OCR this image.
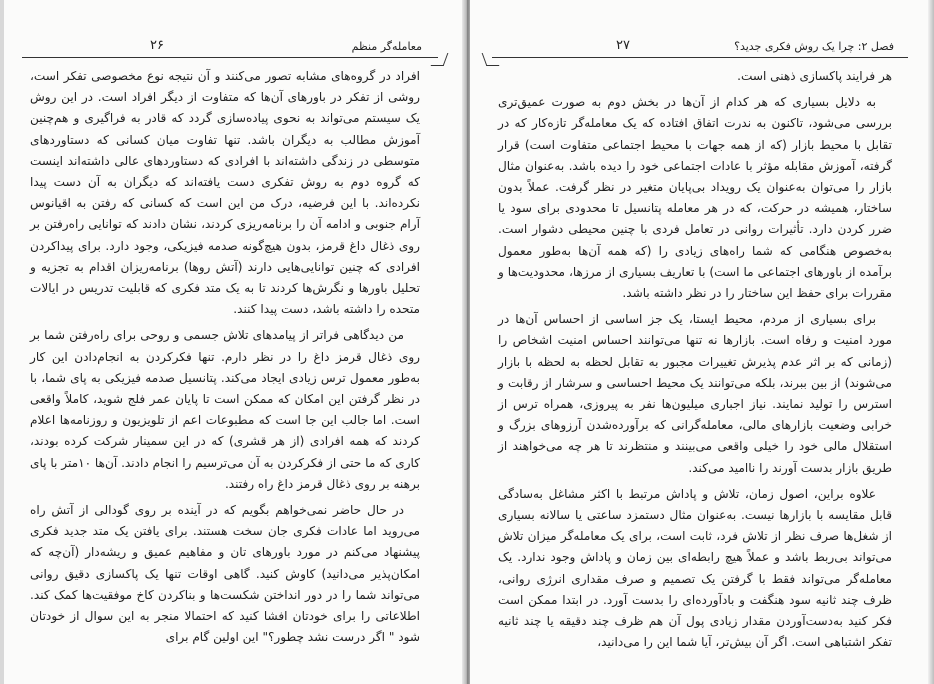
معامله‌گر منظم
۲۶

افراد در گروه‌های مشابه تصور می‌کنند و آن نتیجه نوع مخصوصی تفکر است، روشی از تفکر در باورهای آن‌ها که متفاوت از دیگر افراد است. در این روش یک سیستم می‌تواند به نحوی پیاده‌سازی گردد که قادر به فراگیری و هم‌چنین آموزش مطالب به دیگران باشد. تنها تفاوت میان کسانی که دستاوردهای متوسطی در زندگی داشته‌اند با افرادی که دستاوردهای عالی داشته‌اند اینست که گروه دوم به روش تفکری دست یافته‌اند که دیگران به آن دست پیدا نکرده‌اند. با این فرضیه، درک من این است که کسانی که رفتن به اقیانوس آرام جنوبی و ادامه آن را برنامه‌ریزی کردند، نشان دادند که توانایی راه‌رفتن بر روی ذغال داغ قرمز، بدون هیچ‌گونه صدمه فیزیکی، وجود دارد. برای پیداکردن افرادی که چنین توانایی‌هایی دارند (آتش روها) برنامه‌ریزان اقدام به تجزیه و تحلیل باورها و نگرش‌ها کردند تا به یک متد فکری که قابلیت تدریس در ایالات متحده را داشته باشد، دست پیدا کنند.

من دیدگاهی فراتر از پیامدهای تلاش جسمی و روحی برای راه‌رفتن شما بر روی ذغال قرمز داغ را در نظر دارم. تنها فکرکردن به انجام‌دادن این کار به‌طور معمول ترس زیادی ایجاد می‌کند. پتانسیل صدمه فیزیکی به پای شما، با در نظر گرفتن این امکان که ممکن است تا پایان عمر فلج شوید، کاملاً واقعی است. اما جالب این جا است که مطبوعات اعم از تلویزیون و روزنامه‌ها اعلام کردند که همه افرادی (از هر قشری) که در این سمینار شرکت کرده بودند، کاری که ما حتی از فکرکردن به آن می‌ترسیم را انجام دادند. آن‌ها ۱۰متر با پای برهنه بر روی ذغال قرمز داغ راه رفتند.

در حال حاضر نمی‌خواهم بگویم که در آینده بر روی گودالی از آتش راه می‌روید اما عادات فکری جان سخت هستند. برای یافتن یک متد جدید فکری پیشنهاد می‌کنم در مورد باورهای تان و مفاهیم عمیق و ریشه‌دار (آن‌چه که امکان‌پذیر می‌دانید) کاوش کنید. گاهی اوقات تنها یک پاکسازی دقیق روانی می‌تواند شما را در دور انداختن شکست‌ها و بناکردن کاخ موفقیت‌ها کمک کند. اطلاعاتی را برای خودتان افشا کنید که احتمالا منجر به این سوال از خودتان شود " اگر درست نشد چطور؟" این اولین گام برای

فصل ۲: چرا یک روش فکری جدید؟
۲۷

هر فرایند پاکسازی ذهنی است.

به دلایل بسیاری که هر کدام از آن‌ها در بخش دوم به صورت عمیق‌تری بررسی می‌شود، تاکنون به ندرت اتفاق افتاده که یک معامله‌گر تازه‌کار که در تقابل با محیط بازار (که از همه جهات با محیط اجتماعی متفاوت است) قرار گرفته، آموزش مقابله مؤثر با عادات اجتماعی خود را دیده باشد. به‌عنوان مثال بازار را می‌توان به‌عنوان یک رویداد بی‌پایان متغیر در نظر گرفت. عملاً بدون ساختار، همیشه در حرکت، که در هر معامله پتانسیل تا محدودی برای سود یا ضرر کردن دارد. تأثیرات روانی در تعامل فردی با چنین محیطی دشوار است. به‌خصوص هنگامی که شما راه‌های زیادی را (که همه آن‌ها به‌طور معمول برآمده از باورهای اجتماعی ما است) با تعاریف بسیاری از مرزها، محدودیت‌ها و مقررات برای حفظ این ساختار را در نظر داشته باشد.

برای بسیاری از مردم، محیط ایستا، یک جز اساسی از احساس آن‌ها در مورد امنیت و رفاه است. بازارها نه تنها می‌توانند احساس امنیت اشخاص را (زمانی که بر اثر عدم پذیرش تغییرات مجبور به تقابل لحظه به لحظه با بازار می‌شوند) از بین ببرند، بلکه می‌توانند یک محیط احساسی و سرشار از رقابت و استرس را تولید نمایند. نیاز اجباری میلیون‌ها نفر به پیروزی، همراه ترس از خرابی وضعیت بازارهای مالی، معامله‌گرانی که برآورده‌شدن آرزوهای بزرگ و استقلال مالی خود را خیلی واقعی می‌بینند و منتظرند تا هر چه می‌خواهند از طریق بازار بدست آورند را ناامید می‌کند.

علاوه براین، اصول زمان، تلاش و پاداش مرتبط با اکثر مشاغل به‌سادگی قابل مقایسه با بازارها نیست. به‌عنوان مثال دستمزد ساعتی یا سالانه بسیاری از شغل‌ها صرف نظر از تلاش فرد، ثابت است، برای یک معامله‌گر میزان تلاش می‌تواند بی‌ربط باشد و عملاً هیچ رابطه‌ای بین زمان و پاداش وجود ندارد. یک معامله‌گر می‌تواند فقط با گرفتن یک تصمیم و صرف مقداری انرژی روانی، ظرف چند ثانیه سود هنگفت و بادآورده‌ای را بدست آورد. در ابتدا ممکن است فکر کنید به‌دست‌آوردن مقدار زیادی پول آن هم ظرف چند دقیقه یا چند ثانیه تفکر اشتباهی است. اگر آن بیش‌تر، آیا شما این را می‌دانید،
